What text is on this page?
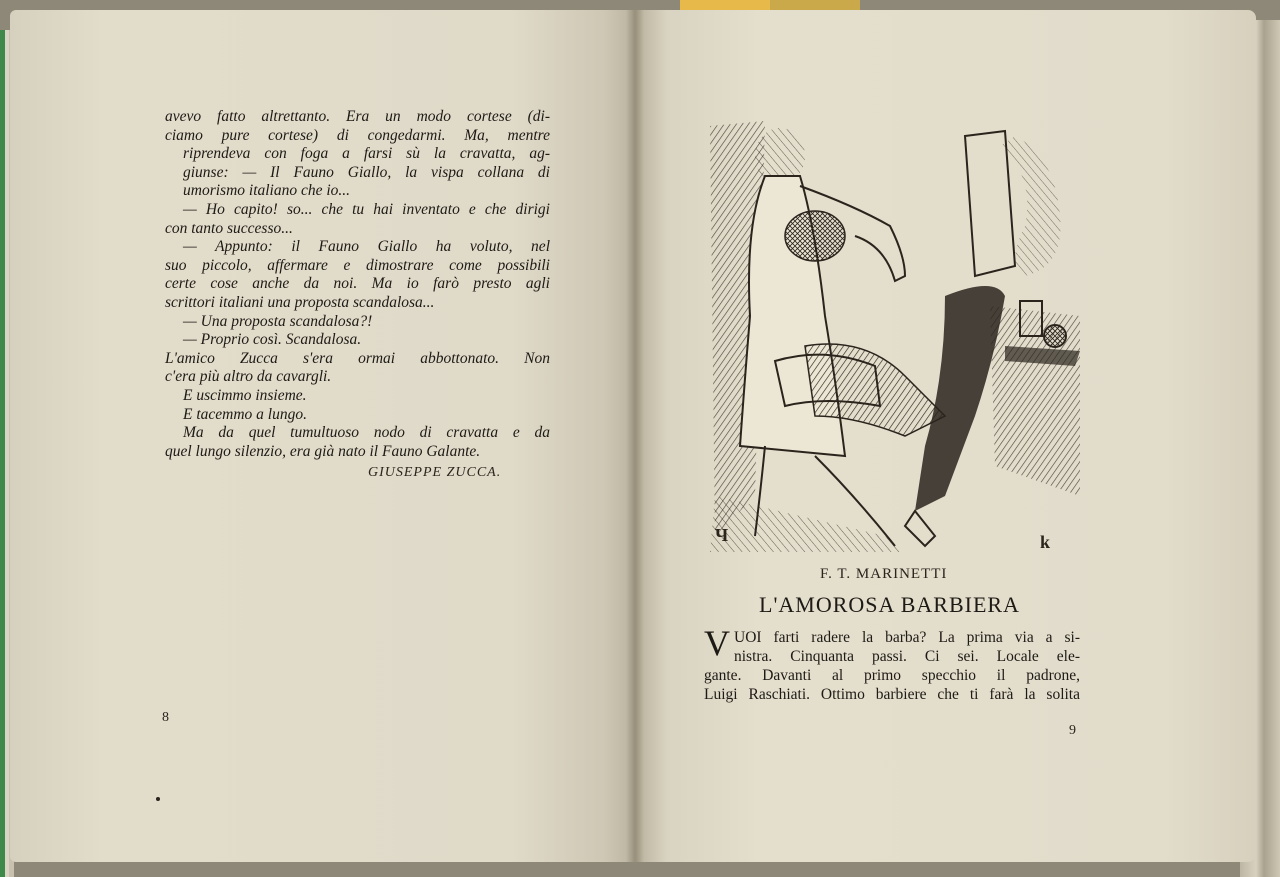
avevo fatto altrettanto. Era un modo cortese (di-
ciamo pure cortese) di congedarmi. Ma, mentre
riprendeva con foga a farsi sù la cravatta, ag-
giunse: — Il Fauno Giallo, la vispa collana di
umorismo italiano che io...
— Ho capito! so... che tu hai inventato e che dirigi
con tanto successo...
— Appunto: il Fauno Giallo ha voluto, nel
suo piccolo, affermare e dimostrare come possibili
certe cose anche da noi. Ma io farò presto agli
scrittori italiani una proposta scandalosa...
— Una proposta scandalosa?!
— Proprio così. Scandalosa.
L'amico Zucca s'era ormai abbottonato. Non
c'era più altro da cavargli.
E uscimmo insieme.
E tacemmo a lungo.
Ma da quel tumultuoso nodo di cravatta e da
quel lungo silenzio, era già nato il Fauno Galante.
GIUSEPPE ZUCCA.
8
Ч	k
F. T. MARINETTI
L'AMOROSA BARBIERA
V UOI farti radere la barba? La prima via a si-
nistra. Cinquanta passi. Ci sei. Locale ele-
gante. Davanti al primo specchio il padrone,
Luigi Raschiati. Ottimo barbiere che ti farà la solita
9
